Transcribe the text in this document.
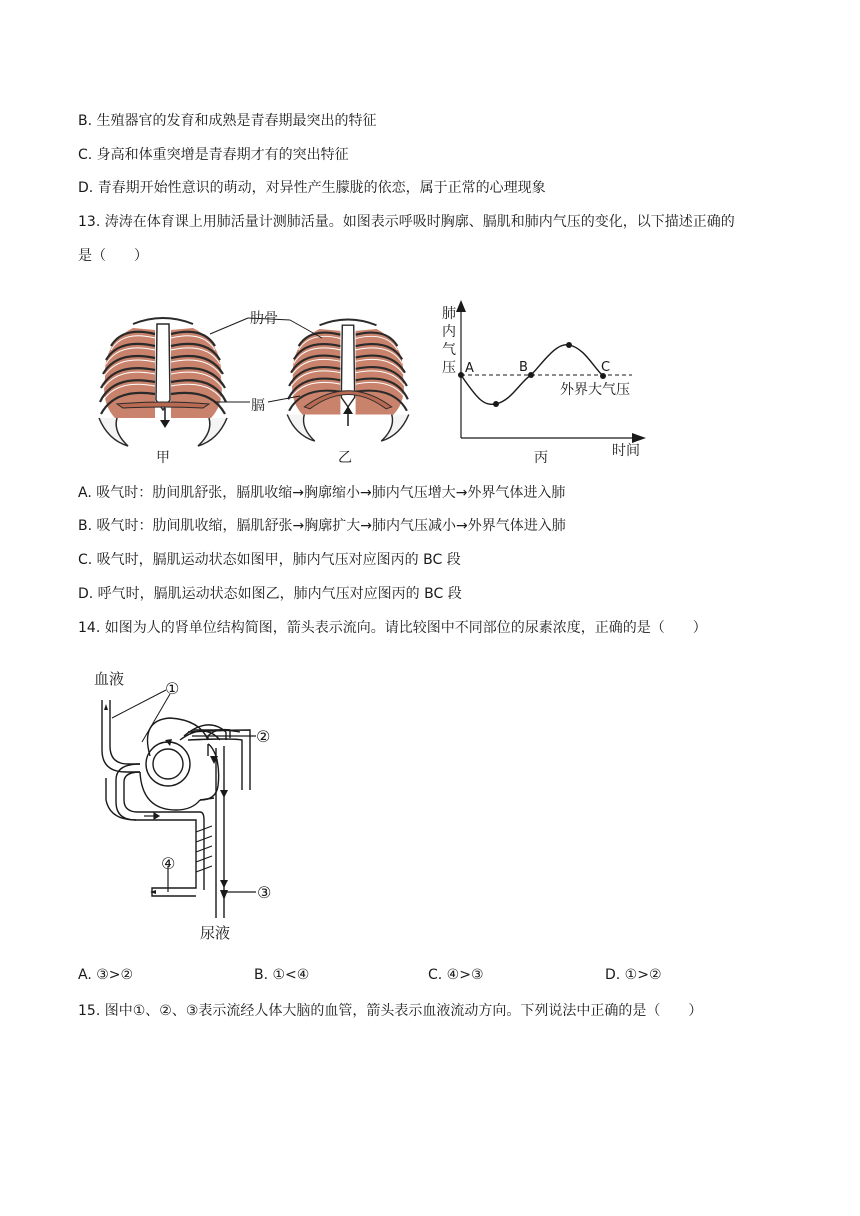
B. 生殖器官的发育和成熟是青春期最突出的特征
C. 身高和体重突增是青春期才有的突出特征
D. 青春期开始性意识的萌动，对异性产生朦胧的依恋，属于正常的心理现象
13. 涛涛在体育课上用肺活量计测肺活量。如图表示呼吸时胸廓、膈肌和肺内气压的变化，以下描述正确的
是（　　）
肋骨
膈
甲	乙
肺
内
气
压 A	B	C
外界大气压
时间
丙
A. 吸气时：肋间肌舒张，膈肌收缩→胸廓缩小→肺内气压增大→外界气体进入肺
B. 吸气时：肋间肌收缩，膈肌舒张→胸廓扩大→肺内气压减小→外界气体进入肺
C. 吸气时，膈肌运动状态如图甲，肺内气压对应图丙的 BC 段
D. 呼气时，膈肌运动状态如图乙，肺内气压对应图丙的 BC 段
14. 如图为人的肾单位结构简图，箭头表示流向。请比较图中不同部位的尿素浓度，正确的是（　　）
血液	①
②
③
④
尿液
A. ③>②	B. ①<④	C. ④>③	D. ①>②
15. 图中①、②、③表示流经人体大脑的血管，箭头表示血液流动方向。下列说法中正确的是（　　）
